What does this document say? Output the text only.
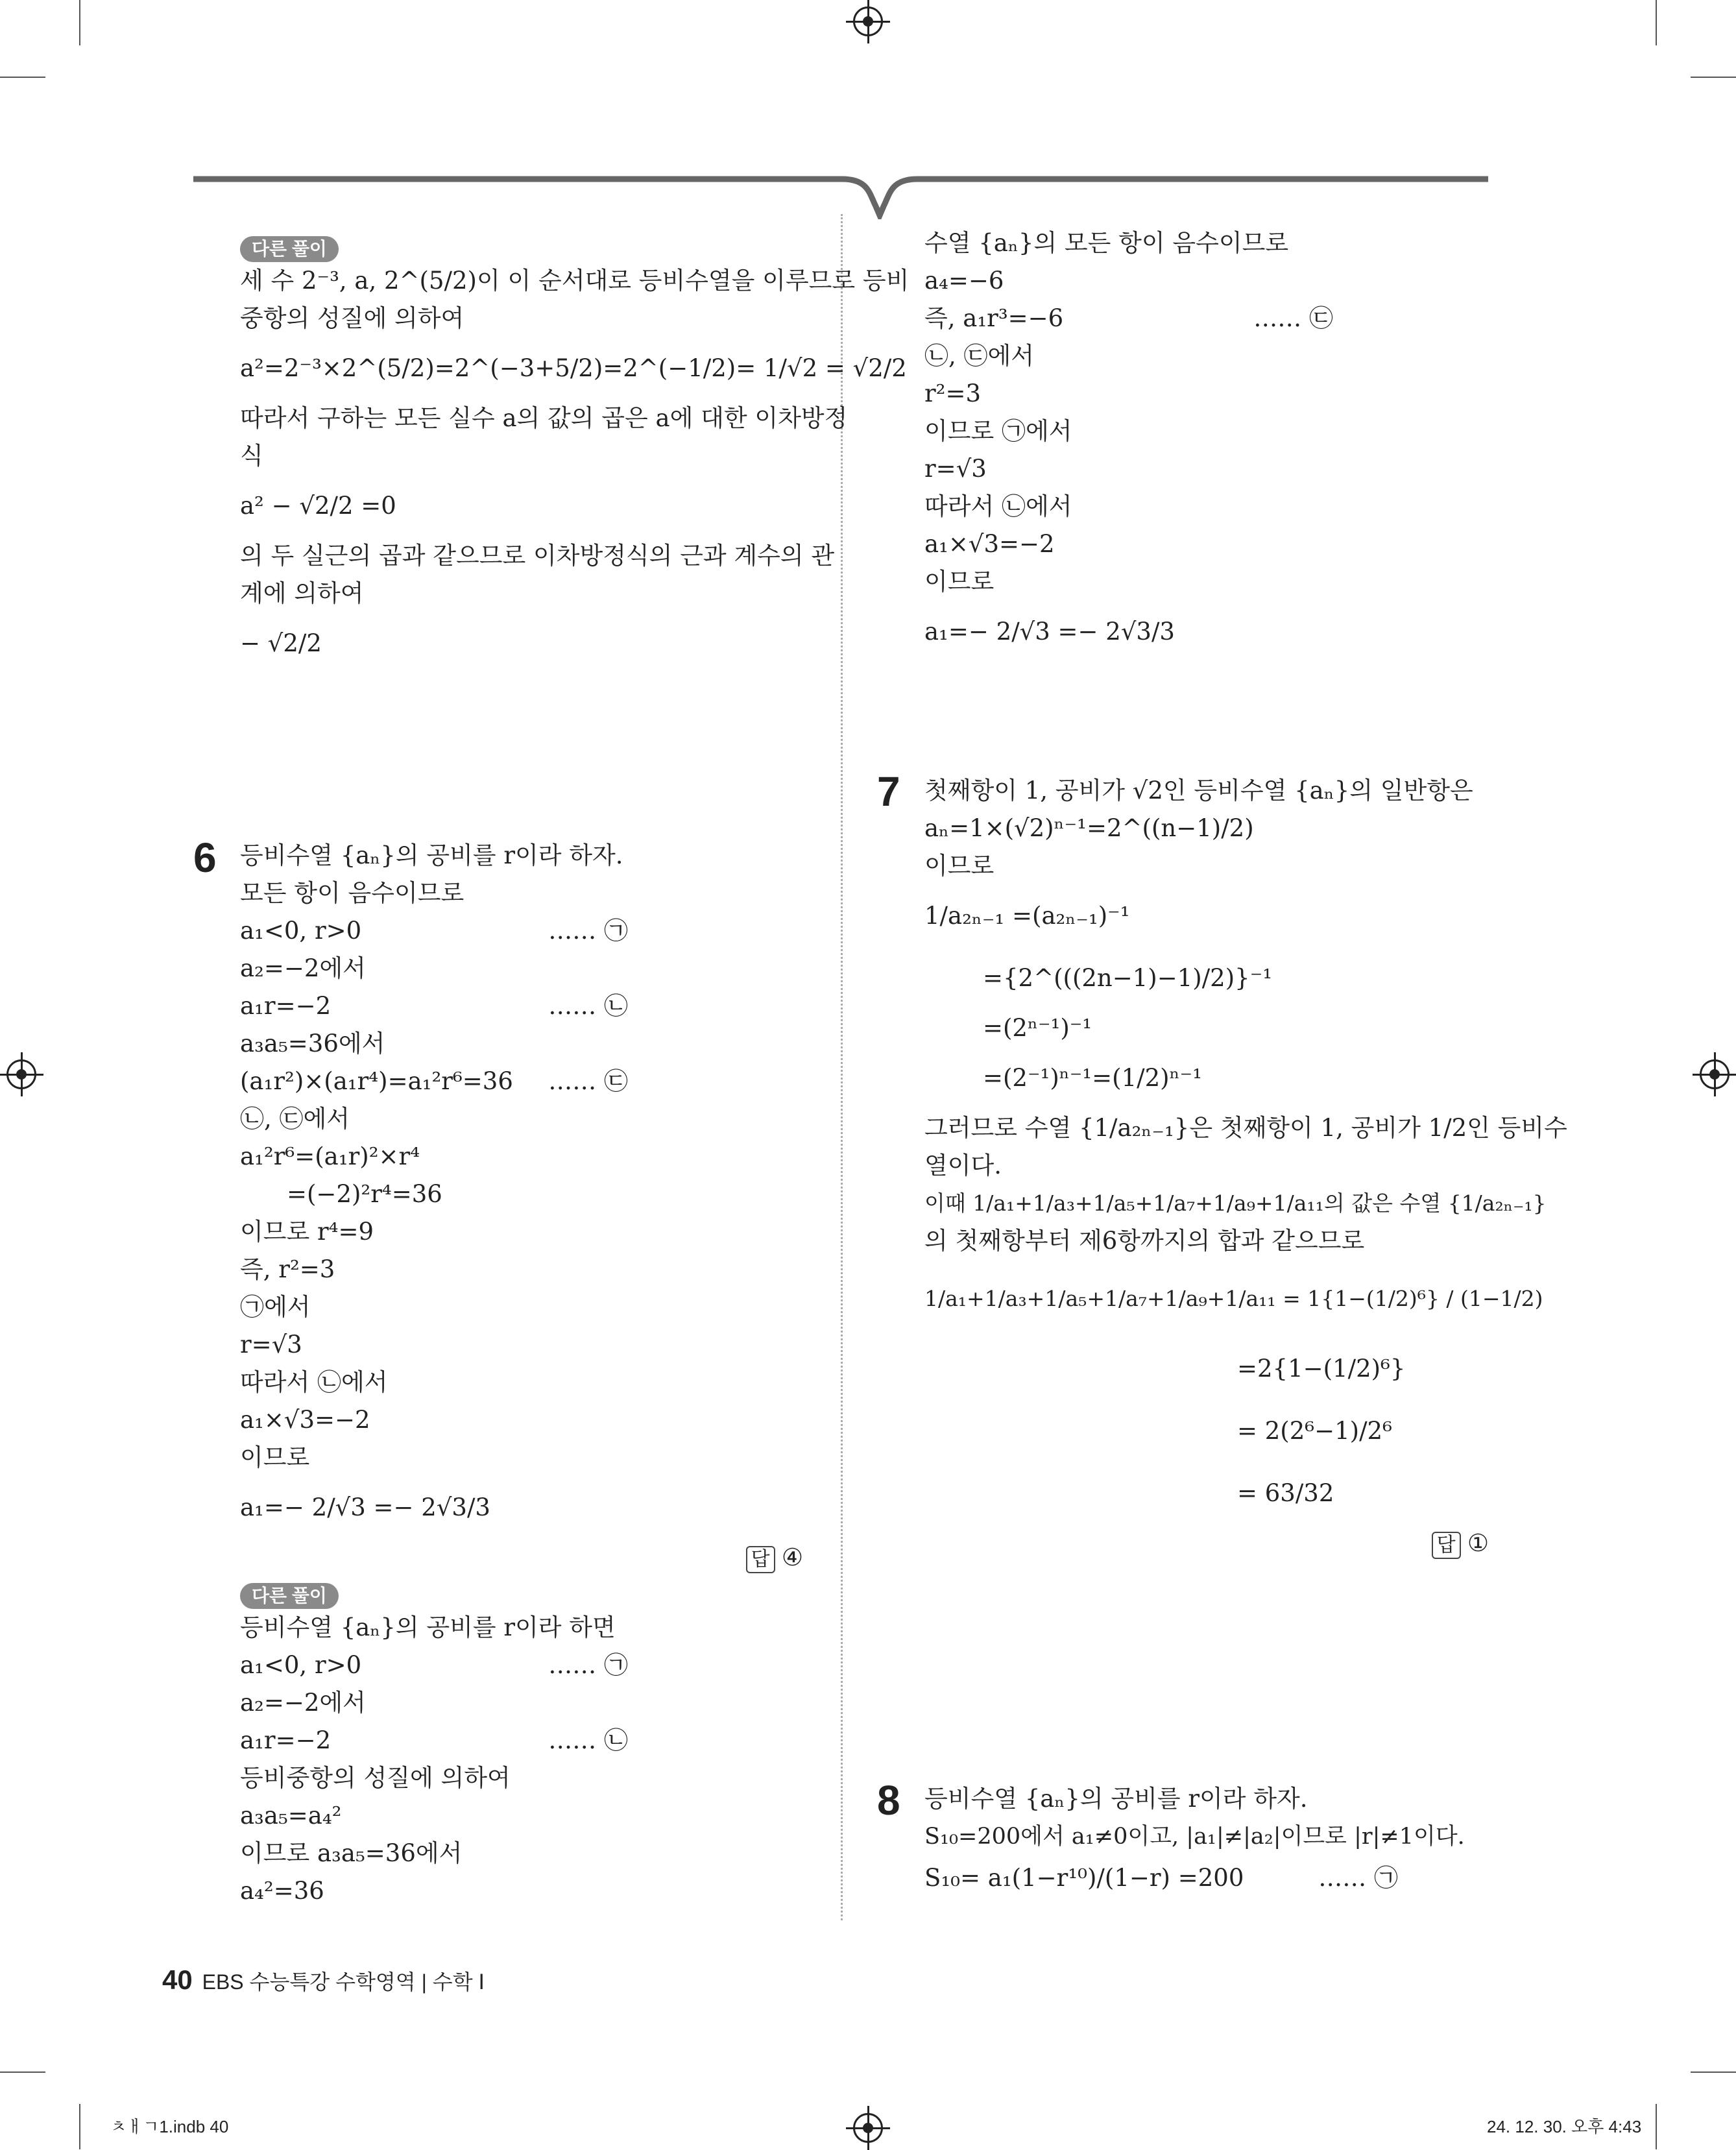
다른 풀이
세 수 2⁻³, a, 2^(5/2)이 이 순서대로 등비수열을 이루므로 등비
중항의 성질에 의하여
a²=2⁻³×2^(5/2)=2^(−3+5/2)=2^(−1/2)= 1/√2 = √2/2
따라서 구하는 모든 실수 a의 값의 곱은 a에 대한 이차방정
식
a² − √2/2 =0
의 두 실근의 곱과 같으므로 이차방정식의 근과 계수의 관
계에 의하여
− √2/2
6 등비수열 {aₙ}의 공비를 r이라 하자.
모든 항이 음수이므로
a₁<0, r>0	…… ㉠
a₂=−2에서
a₁r=−2	…… ㉡
a₃a₅=36에서
(a₁r²)×(a₁r⁴)=a₁²r⁶=36 …… ㉢
㉡, ㉢에서
a₁²r⁶=(a₁r)²×r⁴
=(−2)²r⁴=36
이므로 r⁴=9
즉, r²=3
㉠에서
r=√3
따라서 ㉡에서
a₁×√3=−2
이므로
a₁=− 2/√3 =− 2√3/3
답 ④
다른 풀이
등비수열 {aₙ}의 공비를 r이라 하면
a₁<0, r>0	…… ㉠
a₂=−2에서
a₁r=−2	…… ㉡
등비중항의 성질에 의하여
a₃a₅=a₄²
이므로 a₃a₅=36에서
a₄²=36
수열 {aₙ}의 모든 항이 음수이므로
a₄=−6
즉, a₁r³=−6	…… ㉢
㉡, ㉢에서
r²=3
이므로 ㉠에서
r=√3
따라서 ㉡에서
a₁×√3=−2
이므로
a₁=− 2/√3 =− 2√3/3
7 첫째항이 1, 공비가 √2인 등비수열 {aₙ}의 일반항은
aₙ=1×(√2)ⁿ⁻¹=2^((n−1)/2)
이므로
1/a₂ₙ₋₁ =(a₂ₙ₋₁)⁻¹
={2^(((2n−1)−1)/2)}⁻¹
=(2ⁿ⁻¹)⁻¹
=(2⁻¹)ⁿ⁻¹=(1/2)ⁿ⁻¹
그러므로 수열 {1/a₂ₙ₋₁}은 첫째항이 1, 공비가 1/2인 등비수
열이다.
이때 1/a₁+1/a₃+1/a₅+1/a₇+1/a₉+1/a₁₁의 값은 수열 {1/a₂ₙ₋₁}
의 첫째항부터 제6항까지의 합과 같으므로
1/a₁+1/a₃+1/a₅+1/a₇+1/a₉+1/a₁₁ = 1{1−(1/2)⁶} / (1−1/2)
=2{1−(1/2)⁶}
= 2(2⁶−1)/2⁶
= 63/32
답 ①
8 등비수열 {aₙ}의 공비를 r이라 하자.
S₁₀=200에서 a₁≠0이고, |a₁|≠|a₂|이므로 |r|≠1이다.
S₁₀= a₁(1−r¹⁰)/(1−r) =200	…… ㉠
40 EBS 수능특강 수학영역 | 수학 Ⅰ
ㅊㅐㄱ1.indb 40	24. 12. 30. 오후 4:43
